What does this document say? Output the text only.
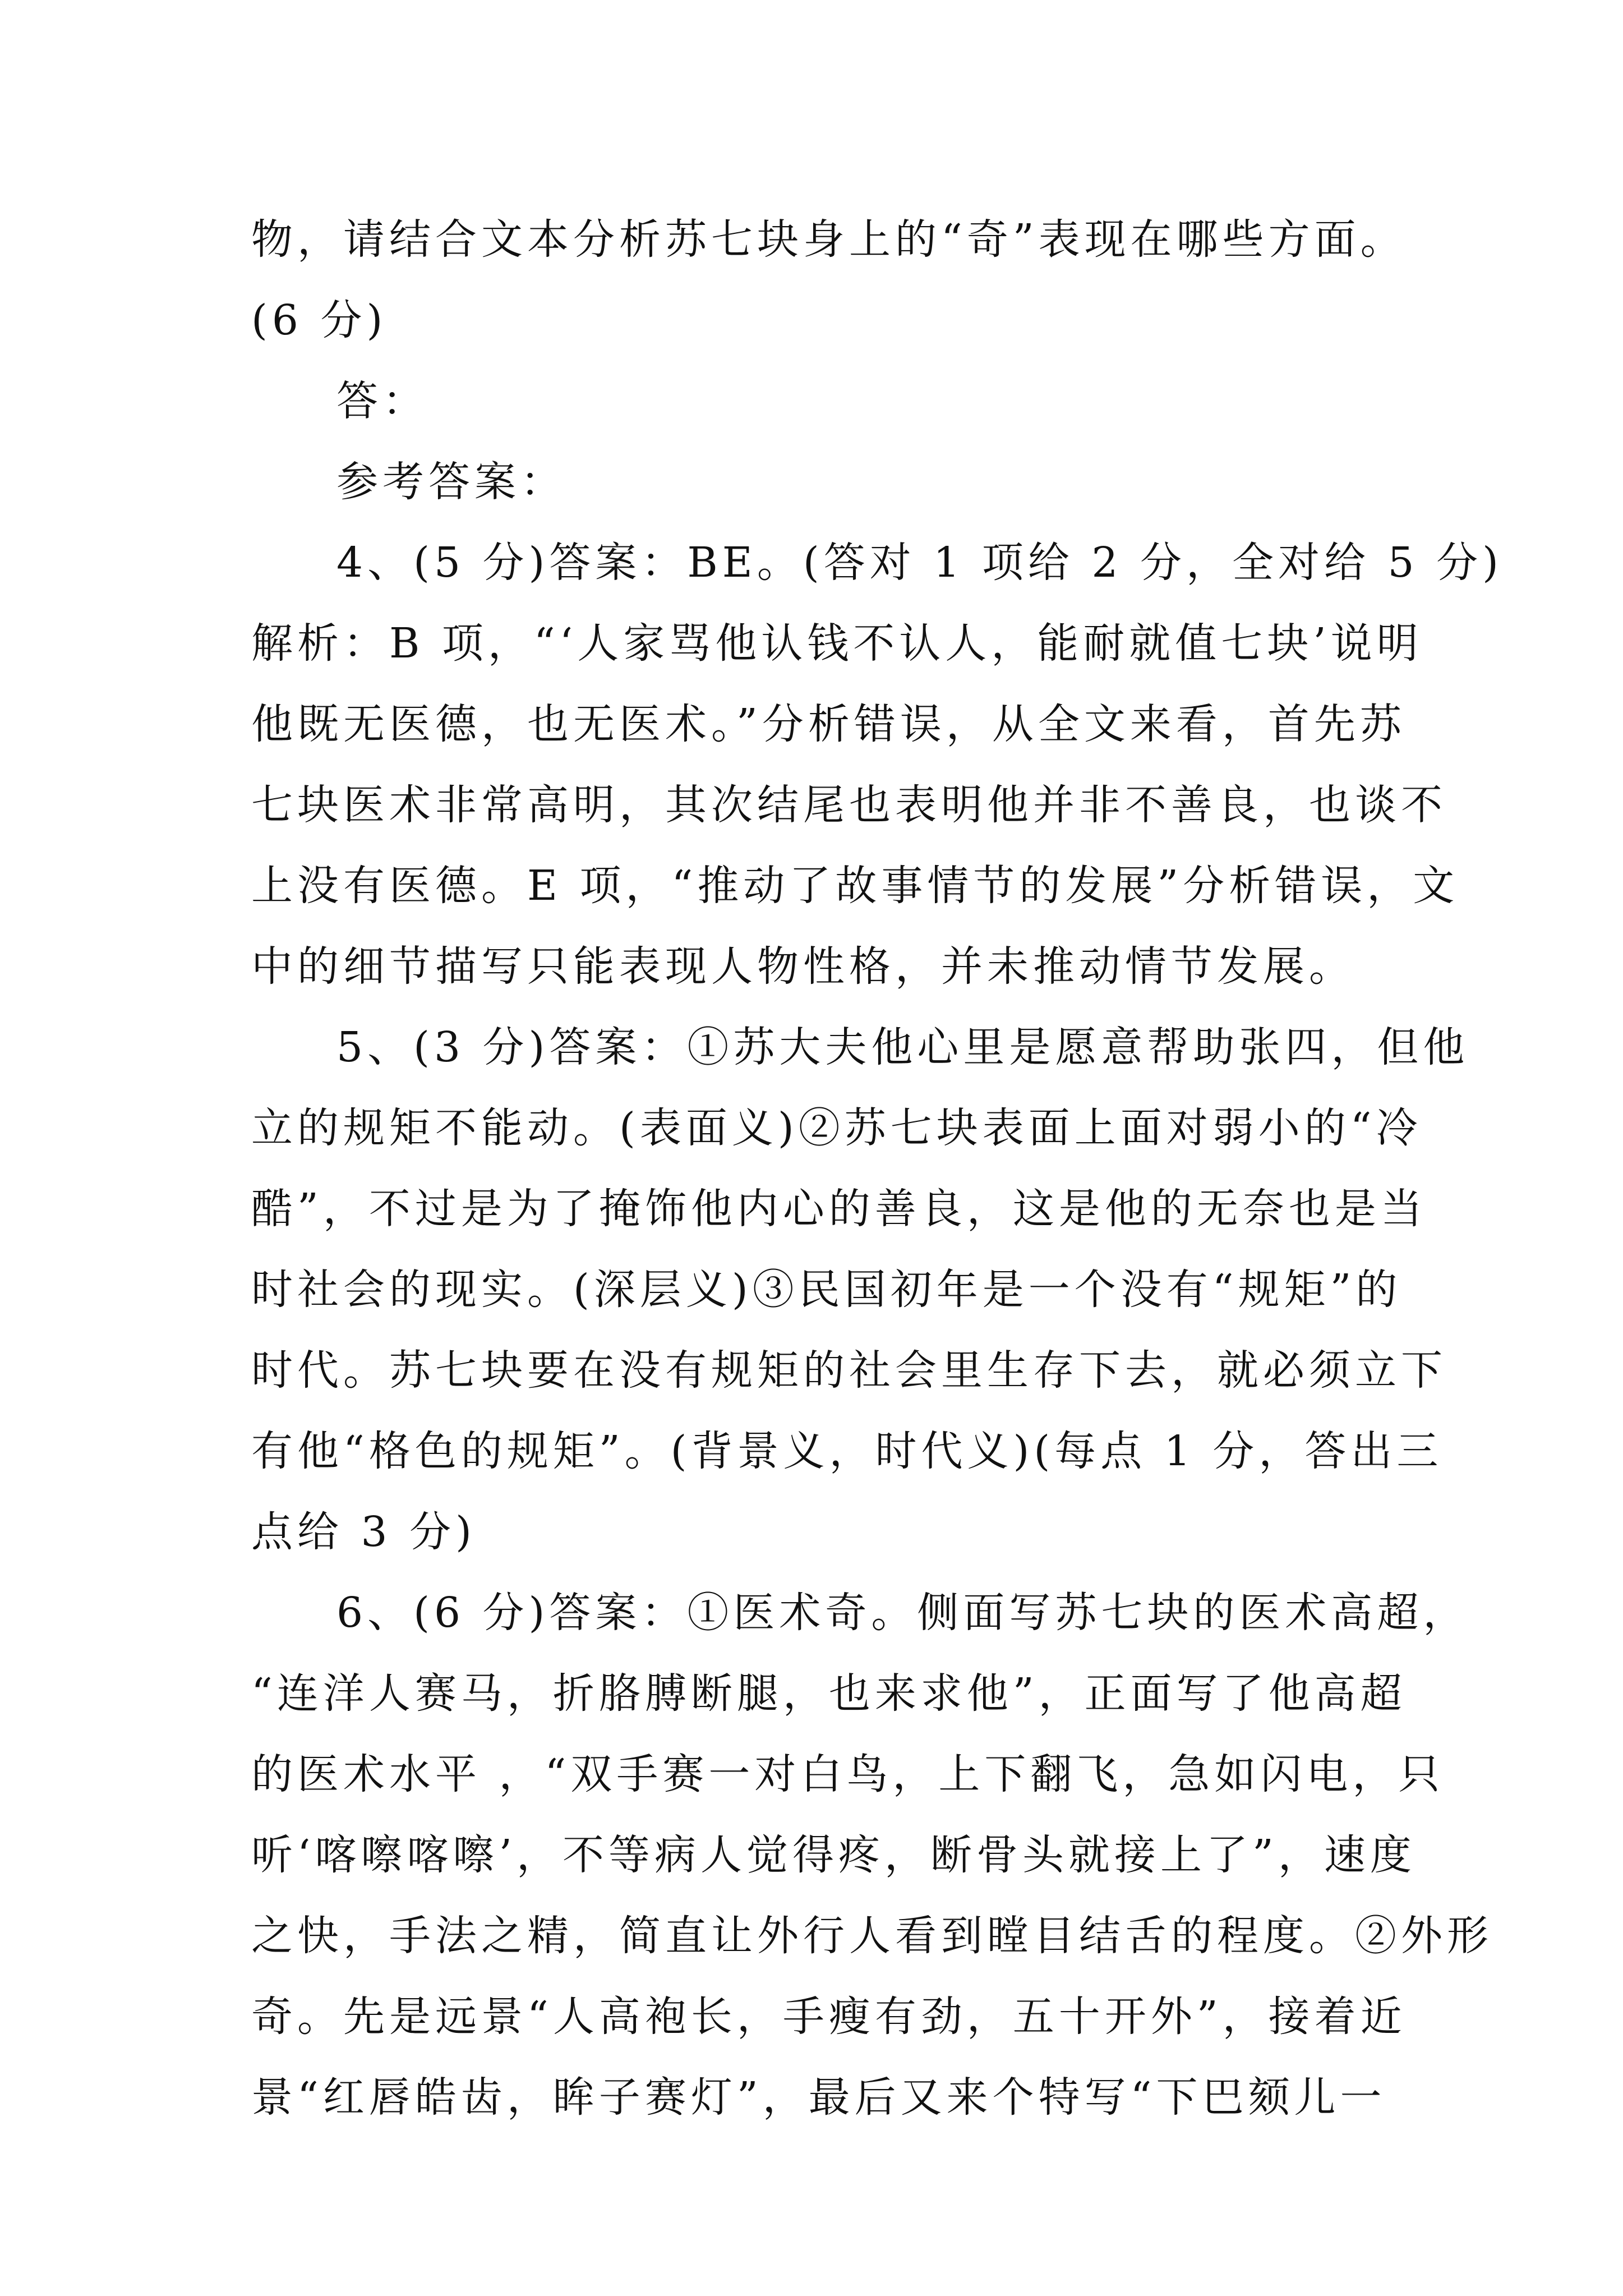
物，请结合文本分析苏七块身上的“奇”表现在哪些方面。
(6 分)
答：
参考答案：
4、(5 分)答案：BE。(答对 1 项给 2 分，全对给 5 分)
解析：B 项，“‘人家骂他认钱不认人，能耐就值七块’说明
他既无医德，也无医术。”分析错误，从全文来看，首先苏
七块医术非常高明，其次结尾也表明他并非不善良，也谈不
上没有医德。E 项，“推动了故事情节的发展”分析错误，文
中的细节描写只能表现人物性格，并未推动情节发展。
5、(3 分)答案：①苏大夫他心里是愿意帮助张四，但他
立的规矩不能动。(表面义)②苏七块表面上面对弱小的“冷
酷”，不过是为了掩饰他内心的善良，这是他的无奈也是当
时社会的现实。(深层义)③民国初年是一个没有“规矩”的
时代。苏七块要在没有规矩的社会里生存下去，就必须立下
有他“格色的规矩”。(背景义，时代义)(每点 1 分，答出三
点给 3 分)
6、(6 分)答案：①医术奇。侧面写苏七块的医术高超，
“连洋人赛马，折胳膊断腿，也来求他”，正面写了他高超
的医术水平 ，“双手赛一对白鸟，上下翻飞，急如闪电，只
听‘喀嚓喀嚓’，不等病人觉得疼，断骨头就接上了”，速度
之快，手法之精，简直让外行人看到瞠目结舌的程度。②外形
奇。先是远景“人高袍长，手瘦有劲，五十开外”，接着近
景“红唇皓齿，眸子赛灯”，最后又来个特写“下巴颏儿一
